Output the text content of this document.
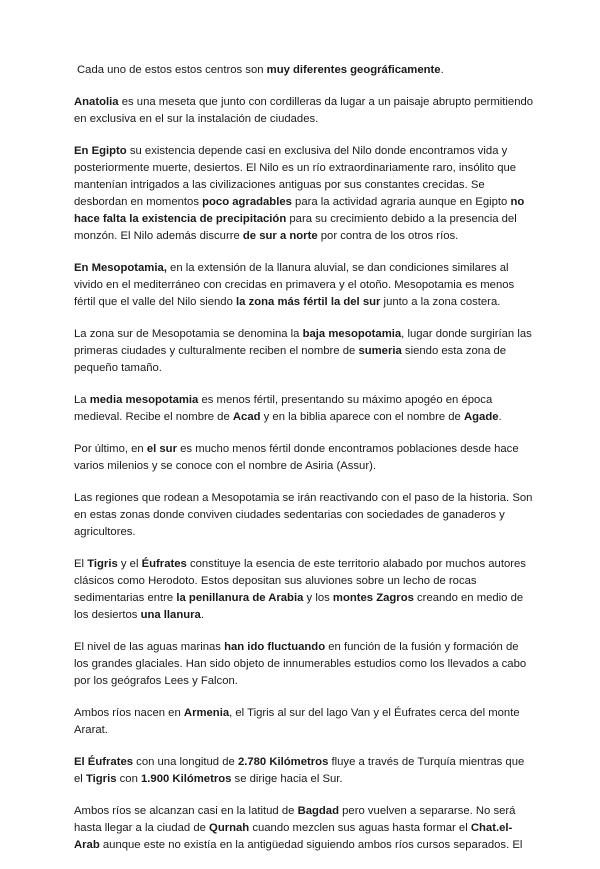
Cada uno de estos estos centros son muy diferentes geográficamente.

Anatolia es una meseta que junto con cordilleras da lugar a un paisaje abrupto permitiendo en exclusiva en el sur la instalación de ciudades.

En Egipto su existencia depende casi en exclusiva del Nilo donde encontramos vida y posteriormente muerte, desiertos. El Nilo es un río extraordinariamente raro, insólito que mantenían intrigados a las civilizaciones antiguas por sus constantes crecidas. Se desbordan en momentos poco agradables para la actividad agraria aunque en Egipto no hace falta la existencia de precipitación para su crecimiento debido a la presencia del monzón. El Nilo además discurre de sur a norte por contra de los otros ríos.

En Mesopotamia, en la extensión de la llanura aluvial, se dan condiciones similares al vivido en el mediterráneo con crecidas en primavera y el otoño. Mesopotamia es menos fértil que el valle del Nilo siendo la zona más fértil la del sur junto a la zona costera.

La zona sur de Mesopotamia se denomina la baja mesopotamia, lugar donde surgirían las primeras ciudades y culturalmente reciben el nombre de sumeria siendo esta zona de pequeño tamaño.

La media mesopotamia es menos fértil, presentando su máximo apogéo en época medieval. Recibe el nombre de Acad y en la biblia aparece con el nombre de Agade.

Por último, en el sur es mucho menos fértil donde encontramos poblaciones desde hace varios milenios y se conoce con el nombre de Asiria (Assur).

Las regiones que rodean a Mesopotamia se irán reactivando con el paso de la historia. Son en estas zonas donde conviven ciudades sedentarias con sociedades de ganaderos y agricultores.

El Tigris y el Éufrates constituye la esencia de este territorio alabado por muchos autores clásicos como Herodoto. Estos depositan sus aluviones sobre un lecho de rocas sedimentarias entre la penillanura de Arabia y los montes Zagros creando en medio de los desiertos una llanura.

El nivel de las aguas marinas han ido fluctuando en función de la fusión y formación de los grandes glaciales. Han sido objeto de innumerables estudios como los llevados a cabo por los geógrafos Lees y Falcon.

Ambos ríos nacen en Armenia, el Tigris al sur del lago Van y el Éufrates cerca del monte Ararat.

El Éufrates con una longitud de 2.780 Kilómetros fluye a través de Turquía mientras que el Tigris con 1.900 Kilómetros se dirige hacia el Sur.

Ambos ríos se alcanzan casi en la latitud de Bagdad pero vuelven a separarse. No será hasta llegar a la ciudad de Qurnah cuando mezclen sus aguas hasta formar el Chat.el-Arab aunque este no existía en la antigüedad siguiendo ambos ríos cursos separados. El
